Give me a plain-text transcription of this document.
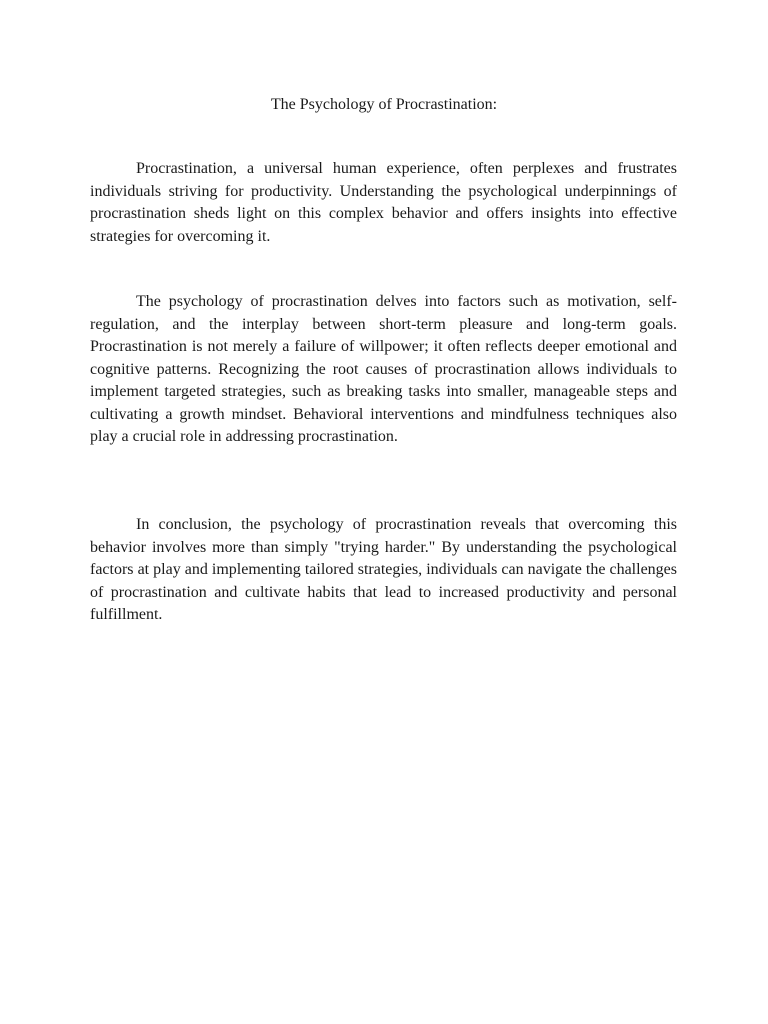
The Psychology of Procrastination:

Procrastination, a universal human experience, often perplexes and frustrates individuals striving for productivity. Understanding the psychological underpinnings of procrastination sheds light on this complex behavior and offers insights into effective strategies for overcoming it.

The psychology of procrastination delves into factors such as motivation, self-regulation, and the interplay between short-term pleasure and long-term goals. Procrastination is not merely a failure of willpower; it often reflects deeper emotional and cognitive patterns. Recognizing the root causes of procrastination allows individuals to implement targeted strategies, such as breaking tasks into smaller, manageable steps and cultivating a growth mindset. Behavioral interventions and mindfulness techniques also play a crucial role in addressing procrastination.

In conclusion, the psychology of procrastination reveals that overcoming this behavior involves more than simply "trying harder." By understanding the psychological factors at play and implementing tailored strategies, individuals can navigate the challenges of procrastination and cultivate habits that lead to increased productivity and personal fulfillment.
